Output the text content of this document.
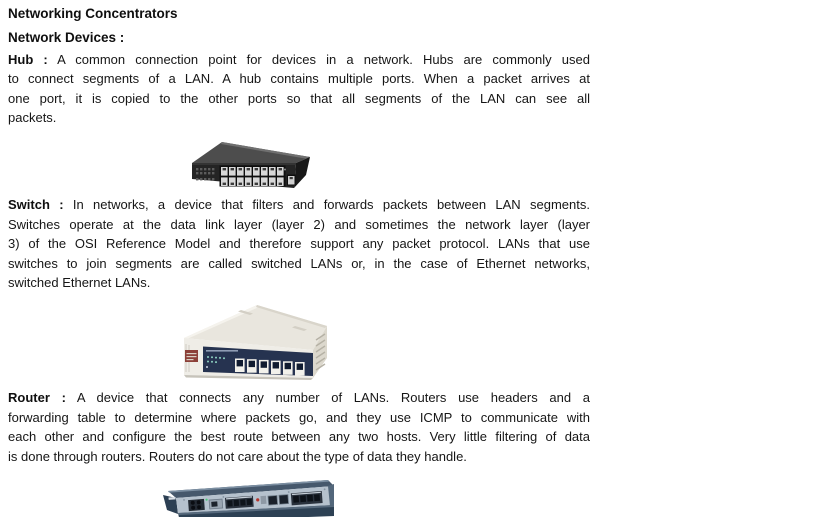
Networking Concentrators
Network Devices :
Hub : A common connection point for devices in a network. Hubs are commonly used
to connect segments of a LAN. A hub contains multiple ports. When a packet arrives at
one port, it is copied to the other ports so that all segments of the LAN can see all
packets.
Switch : In networks, a device that filters and forwards packets between LAN segments.
Switches operate at the data link layer (layer 2) and sometimes the network layer (layer
3) of the OSI Reference Model and therefore support any packet protocol. LANs that use
switches to join segments are called switched LANs or, in the case of Ethernet networks,
switched Ethernet LANs.
Router : A device that connects any number of LANs. Routers use headers and a
forwarding table to determine where packets go, and they use ICMP to communicate with
each other and configure the best route between any two hosts. Very little filtering of data
is done through routers. Routers do not care about the type of data they handle.
